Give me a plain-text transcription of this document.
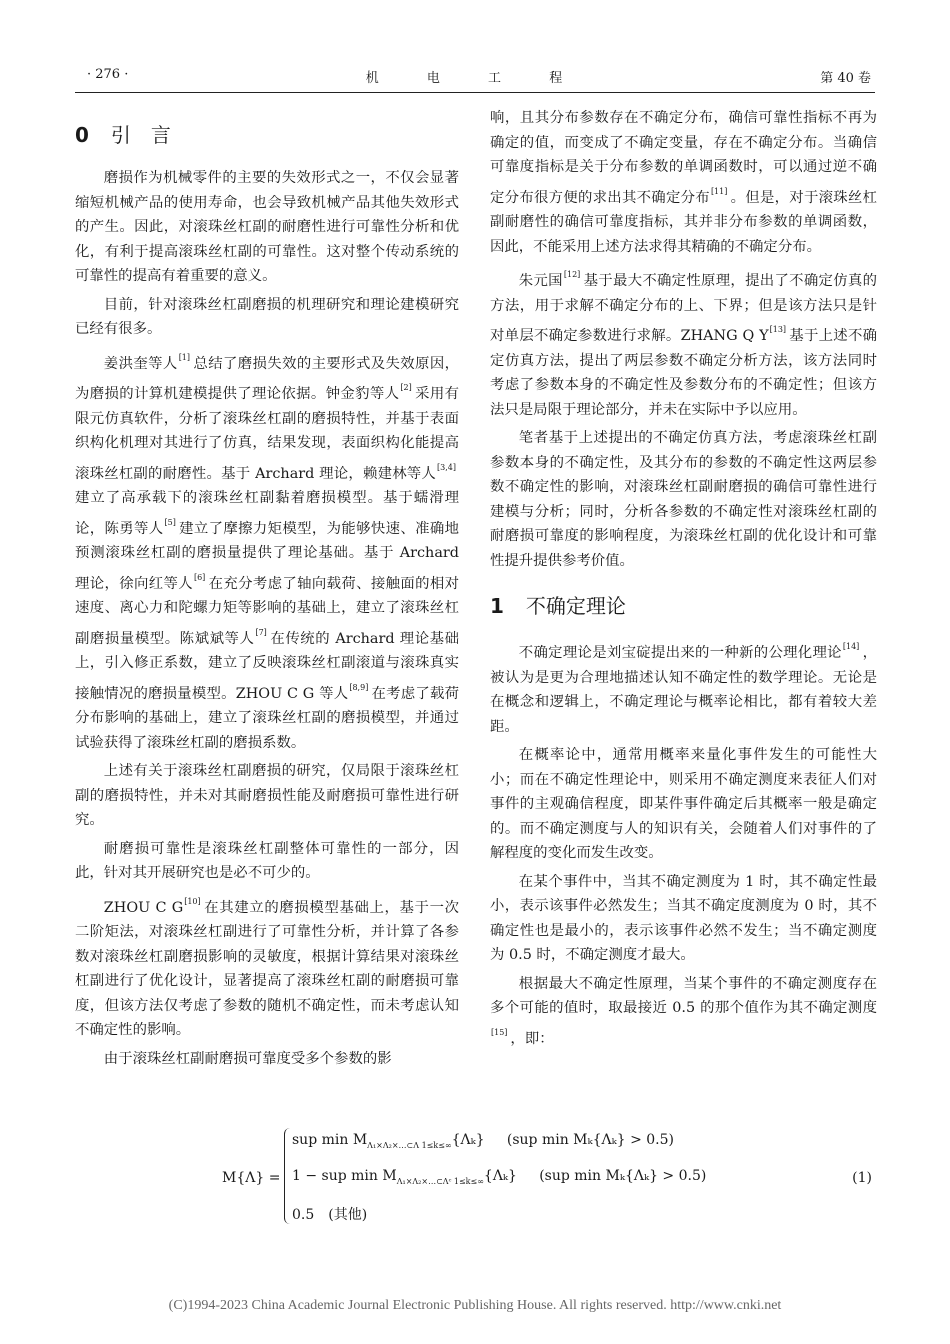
· 276 ·	机 电 工 程	第 40 卷
0 引　言

磨损作为机械零件的主要的失效形式之一，不仅会显著缩短机械产品的使用寿命，也会导致机械产品其他失效形式的产生。因此，对滚珠丝杠副的耐磨性进行可靠性分析和优化，有利于提高滚珠丝杠副的可靠性。这对整个传动系统的可靠性的提高有着重要的意义。

目前，针对滚珠丝杠副磨损的机理研究和理论建模研究已经有很多。

姜洪奎等人[1] 总结了磨损失效的主要形式及失效原因，为磨损的计算机建模提供了理论依据。钟金豹等人[2] 采用有限元仿真软件，分析了滚珠丝杠副的磨损特性，并基于表面织构化机理对其进行了仿真，结果发现，表面织构化能提高滚珠丝杠副的耐磨性。基于 Archard 理论，赖建林等人[3,4]建立了高承载下的滚珠丝杠副黏着磨损模型。基于蠕滑理论，陈勇等人[5] 建立了摩擦力矩模型，为能够快速、准确地预测滚珠丝杠副的磨损量提供了理论基础。基于 Archard 理论，徐向红等人[6] 在充分考虑了轴向载荷、接触面的相对速度、离心力和陀螺力矩等影响的基础上，建立了滚珠丝杠副磨损量模型。陈斌斌等人[7] 在传统的 Archard 理论基础上，引入修正系数，建立了反映滚珠丝杠副滚道与滚珠真实接触情况的磨损量模型。ZHOU C G 等人[8,9] 在考虑了载荷分布影响的基础上，建立了滚珠丝杠副的磨损模型，并通过试验获得了滚珠丝杠副的磨损系数。

上述有关于滚珠丝杠副磨损的研究，仅局限于滚珠丝杠副的磨损特性，并未对其耐磨损性能及耐磨损可靠性进行研究。

耐磨损可靠性是滚珠丝杠副整体可靠性的一部分，因此，针对其开展研究也是必不可少的。

ZHOU C G[10] 在其建立的磨损模型基础上，基于一次二阶矩法，对滚珠丝杠副进行了可靠性分析，并计算了各参数对滚珠丝杠副磨损影响的灵敏度，根据计算结果对滚珠丝杠副进行了优化设计，显著提高了滚珠丝杠副的耐磨损可靠度，但该方法仅考虑了参数的随机不确定性，而未考虑认知不确定性的影响。

由于滚珠丝杠副耐磨损可靠度受多个参数的影

响，且其分布参数存在不确定分布，确信可靠性指标不再为确定的值，而变成了不确定变量，存在不确定分布。当确信可靠度指标是关于分布参数的单调函数时，可以通过逆不确定分布很方便的求出其不确定分布[11] 。但是，对于滚珠丝杠副耐磨性的确信可靠度指标，其并非分布参数的单调函数，因此，不能采用上述方法求得其精确的不确定分布。

朱元国[12] 基于最大不确定性原理，提出了不确定仿真的方法，用于求解不确定分布的上、下界；但是该方法只是针对单层不确定参数进行求解。ZHANG Q Y[13] 基于上述不确定仿真方法，提出了两层参数不确定分析方法，该方法同时考虑了参数本身的不确定性及参数分布的不确定性；但该方法只是局限于理论部分，并未在实际中予以应用。

笔者基于上述提出的不确定仿真方法，考虑滚珠丝杠副参数本身的不确定性，及其分布的参数的不确定性这两层参数不确定性的影响，对滚珠丝杠副耐磨损的确信可靠性进行建模与分析；同时，分析各参数的不确定性对滚珠丝杠副的耐磨损可靠度的影响程度，为滚珠丝杠副的优化设计和可靠性提升提供参考价值。

1 不确定理论

不确定理论是刘宝碇提出来的一种新的公理化理论[14] ，被认为是更为合理地描述认知不确定性的数学理论。无论是在概念和逻辑上，不确定理论与概率论相比，都有着较大差距。

在概率论中，通常用概率来量化事件发生的可能性大小；而在不确定性理论中，则采用不确定测度来表征人们对事件的主观确信程度，即某件事件确定后其概率一般是确定的。而不确定测度与人的知识有关，会随着人们对事件的了解程度的变化而发生改变。

在某个事件中，当其不确定测度为 1 时，其不确定性最小，表示该事件必然发生；当其不确定度测度为 0 时，其不确定性也是最小的，表示该事件必然不发生；当不确定测度为 0.5 时，不确定测度才最大。

根据最大不确定性原理，当某个事件的不确定测度存在多个可能的值时，取最接近 0.5 的那个值作为其不确定测度[15] ，即：

M{Λ} =
sup $\min M_{\Lambda_1\times\Lambda_2\times\dots\subset\Lambda 1\le k\le\infty}\{\Lambda_k\}$ (sup min Mₖ{Λₖ} > 0.5)
1 − sup $\min M_{\Lambda_1\times\Lambda_2\times\dots\subset\Lambda ᶜ 1\le k\le\infty}\{\Lambda_k\}$ (sup min Mₖ{Λₖ} > 0.5)
0.5　(其他)
(1)
(C)1994-2023 China Academic Journal Electronic Publishing House. All rights reserved. http://www.cnki.net
